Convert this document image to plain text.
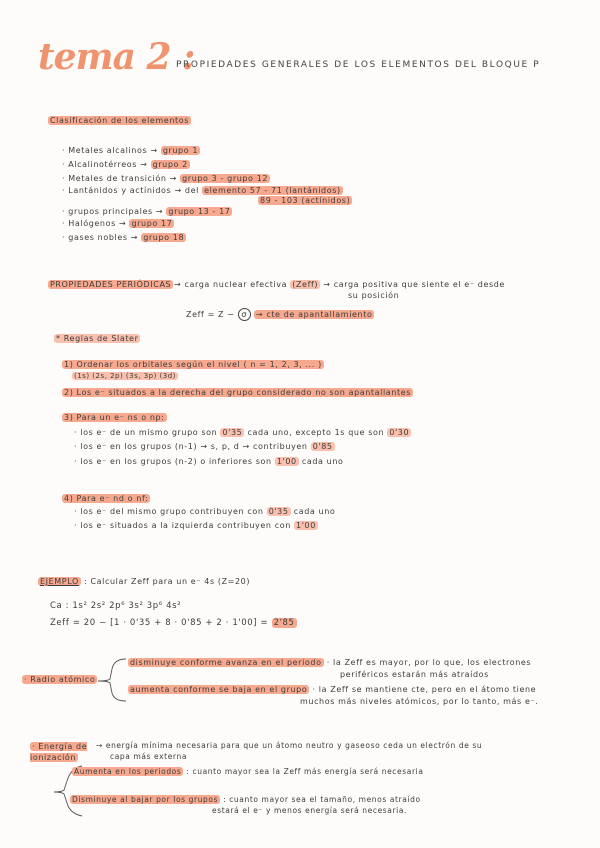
tema 2 :
PROPIEDADES GENERALES DE LOS ELEMENTOS DEL BLOQUE P
Clasificación de los elementos
· Metales alcalinos → grupo 1
· Alcalinotérreos → grupo 2
· Metales de transición → grupo 3 - grupo 12
· Lantánidos y actínidos → del elemento 57 - 71 (lantánidos)
89 - 103 (actínidos)
· grupos principales → grupo 13 - 17
· Halógenos → grupo 17
· gases nobles → grupo 18
PROPIEDADES PERIÓDICAS → carga nuclear efectiva (Zeff) → carga positiva que siente el e⁻ desde
su posición
Zeff = Z − σ → cte de apantallamiento
* Reglas de Slater
1) Ordenar los orbitales según el nivel ( n = 1, 2, 3, ... )
(1s) (2s, 2p) (3s, 3p) (3d)
2) Los e⁻ situados a la derecha del grupo considerado no son apantallantes
3) Para un e⁻ ns o np:
· los e⁻ de un mismo grupo son 0'35 cada uno, excepto 1s que son 0'30
· los e⁻ en los grupos (n-1) → s, p, d → contribuyen 0'85
· los e⁻ en los grupos (n-2) o inferiores son 1'00 cada uno
4) Para e⁻ nd o nf:
· los e⁻ del mismo grupo contribuyen con 0'35 cada uno
· los e⁻ situados a la izquierda contribuyen con 1'00
EJEMPLO : Calcular Zeff para un e⁻ 4s (Z=20)
Ca : 1s² 2s² 2p⁶ 3s² 3p⁶ 4s²
Zeff = 20 − [1 · 0'35 + 8 · 0'85 + 2 · 1'00] = 2'85
· Radio atómico
disminuye conforme avanza en el periodo · la Zeff es mayor, por lo que, los electrones
periféricos estarán más atraídos
aumenta conforme se baja en el grupo · la Zeff se mantiene cte, pero en el átomo tiene
muchos más niveles atómicos, por lo tanto, más e⁻.
· Energía de ionización
→ energía mínima necesaria para que un átomo neutro y gaseoso ceda un electrón de su
capa más externa
Aumenta en los periodos : cuanto mayor sea la Zeff más energía será necesaria
Disminuye al bajar por los grupos : cuanto mayor sea el tamaño, menos atraído
estará el e⁻ y menos energía será necesaria.
